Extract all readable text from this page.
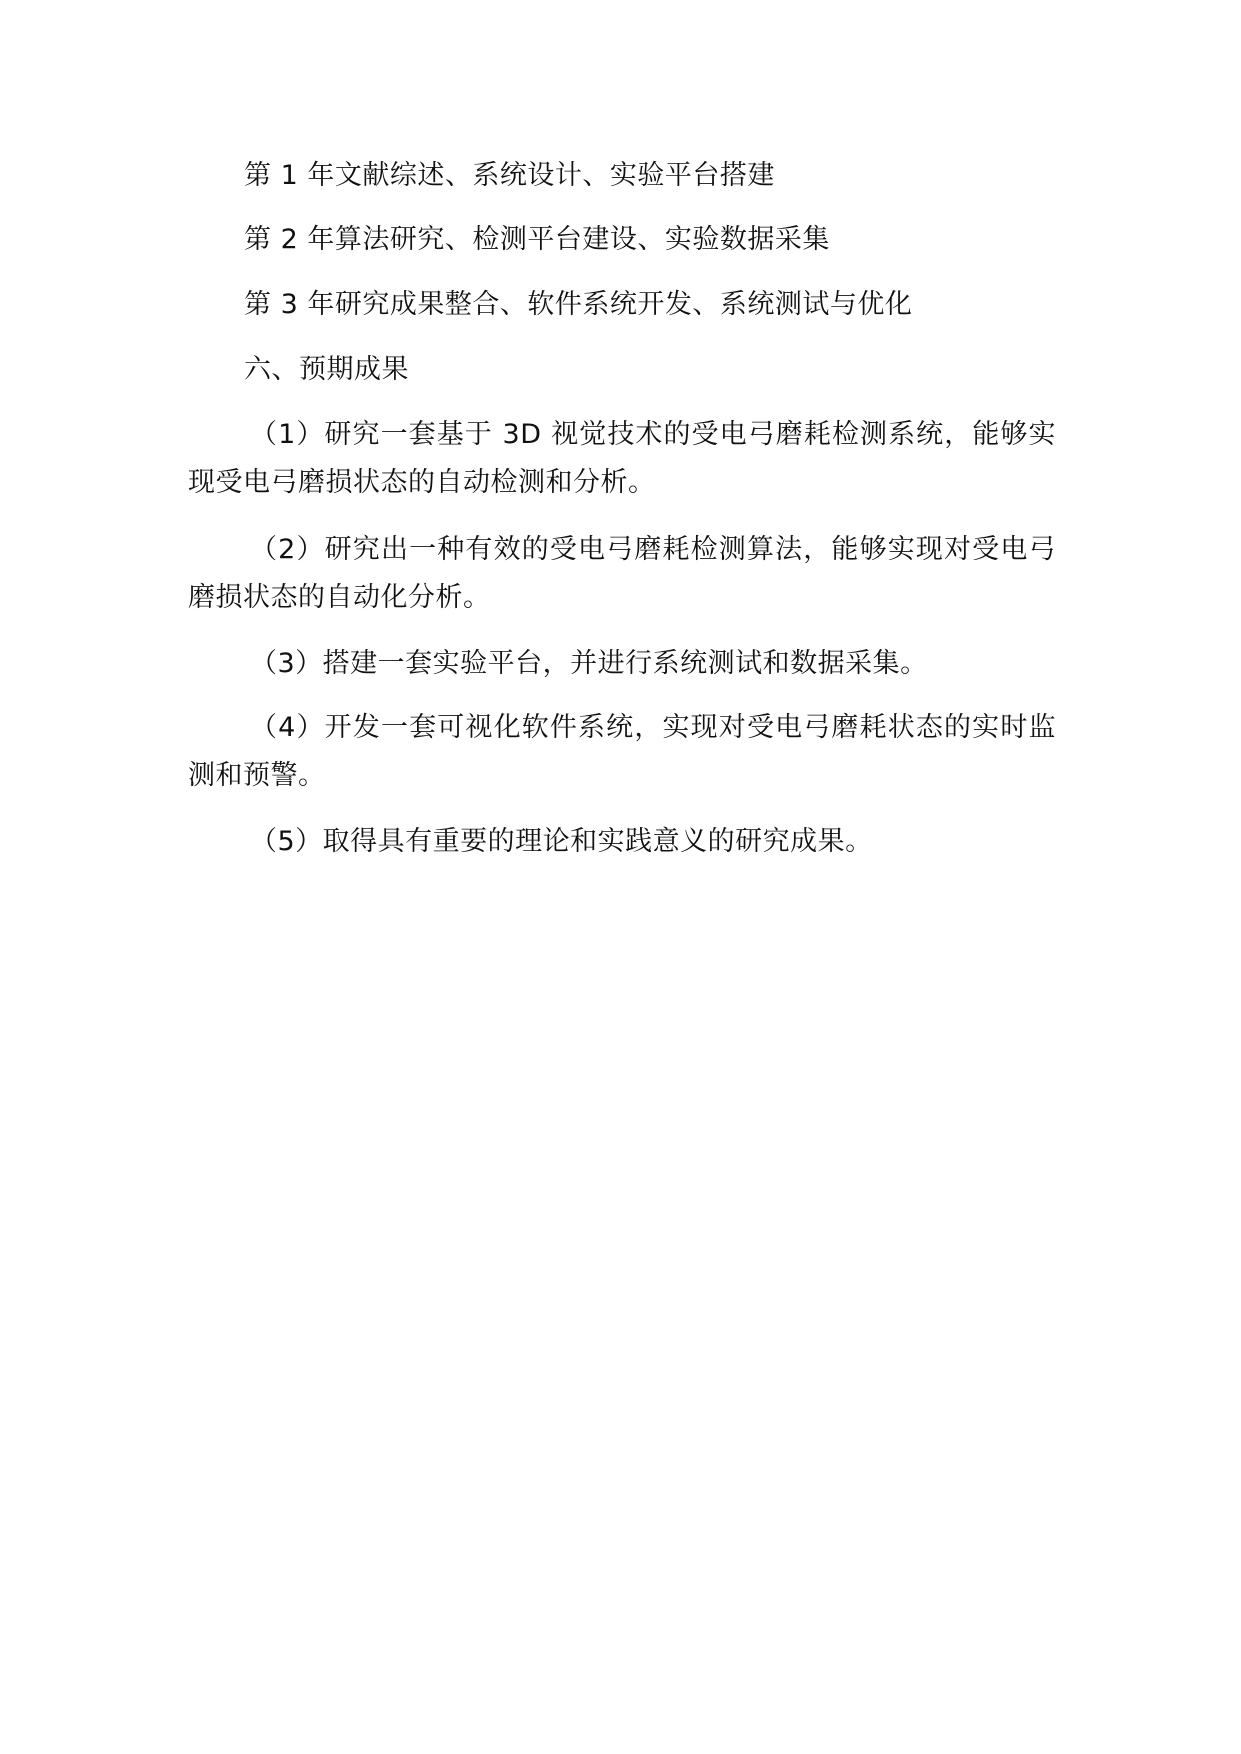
第 1 年文献综述、系统设计、实验平台搭建
第 2 年算法研究、检测平台建设、实验数据采集
第 3 年研究成果整合、软件系统开发、系统测试与优化
六、预期成果
（1）研究一套基于 3D 视觉技术的受电弓磨耗检测系统，能够实现受电弓磨损状态的自动检测和分析。
（2）研究出一种有效的受电弓磨耗检测算法，能够实现对受电弓磨损状态的自动化分析。
（3）搭建一套实验平台，并进行系统测试和数据采集。
（4）开发一套可视化软件系统，实现对受电弓磨耗状态的实时监测和预警。
（5）取得具有重要的理论和实践意义的研究成果。
